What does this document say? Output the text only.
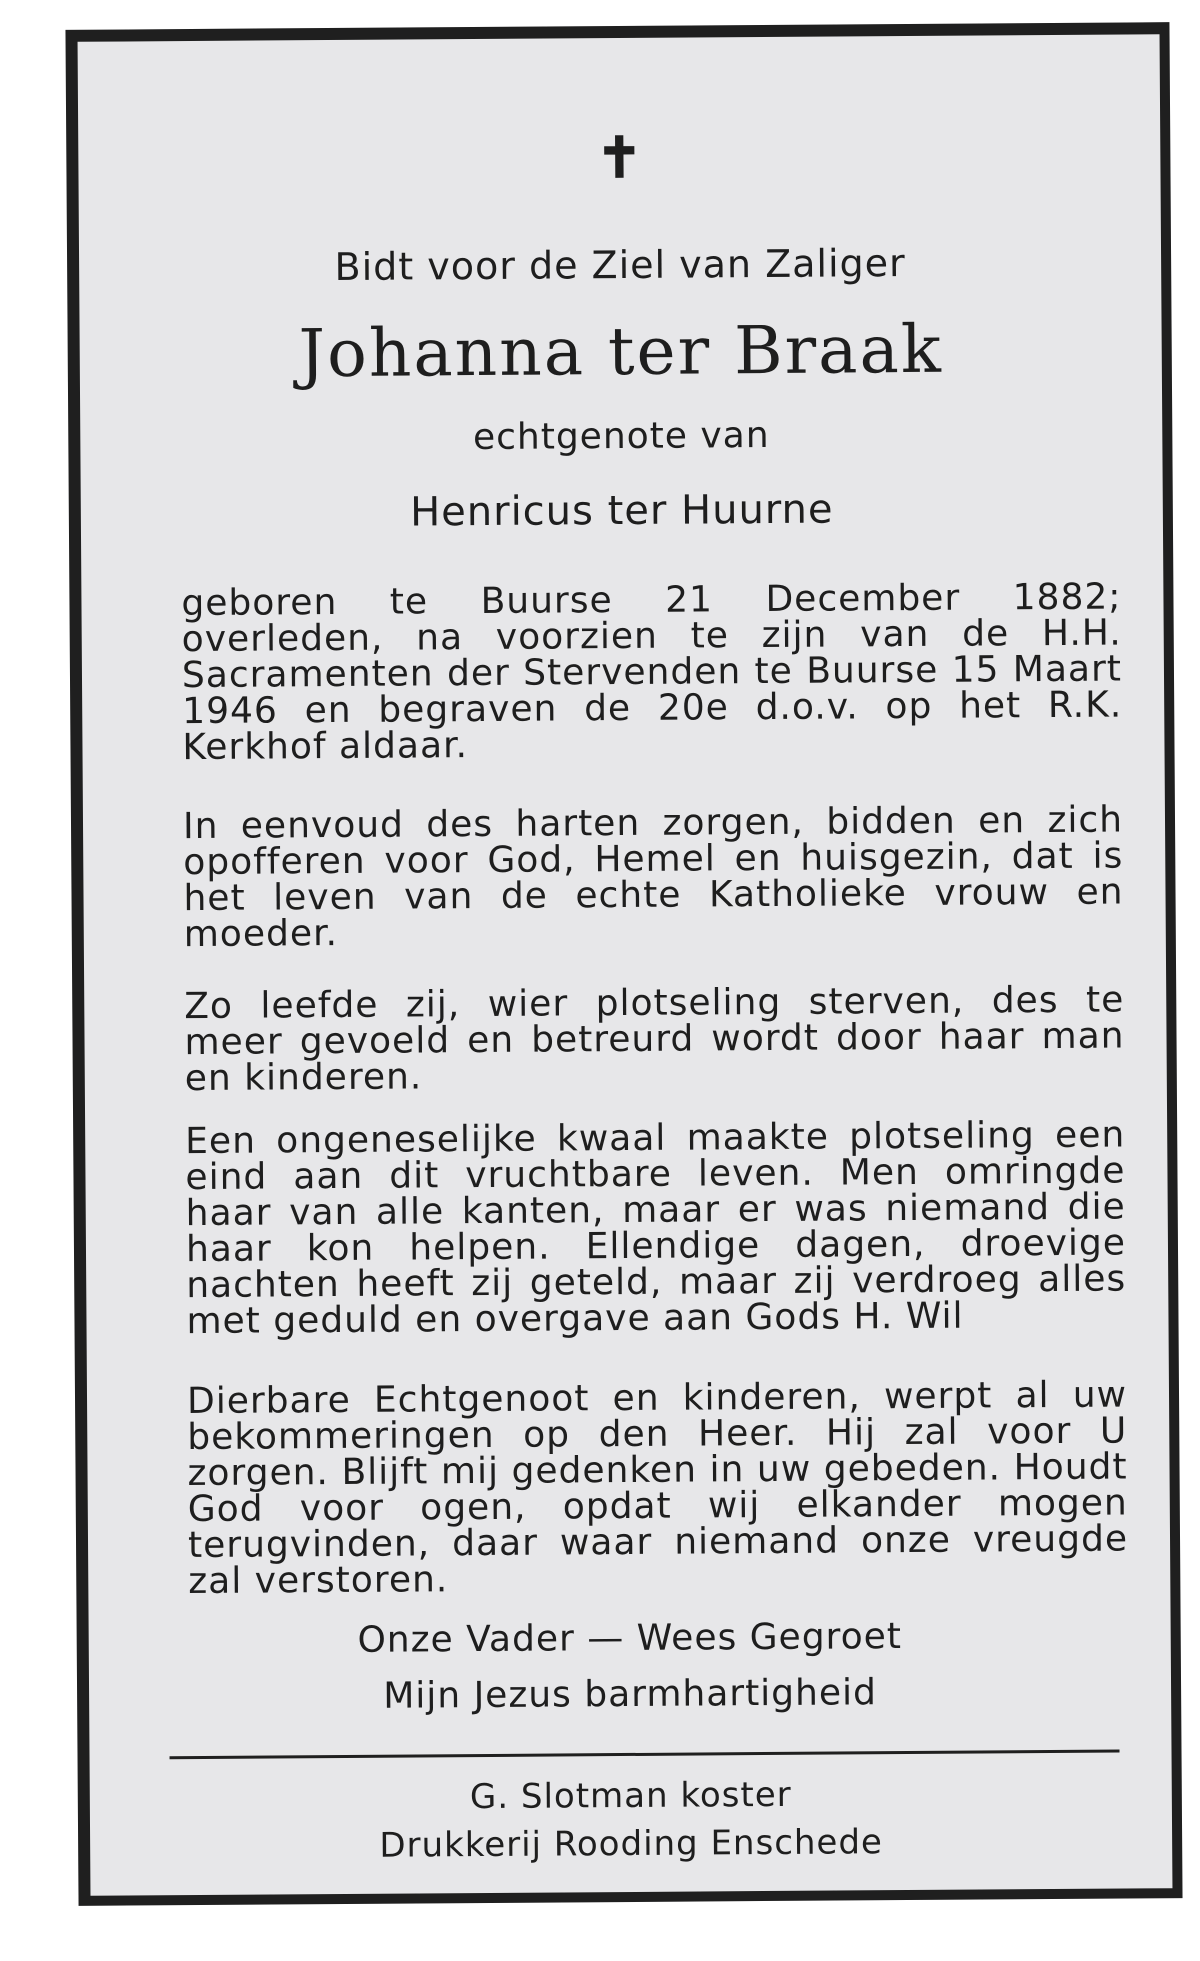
✝
Bidt voor de Ziel van Zaliger
Johanna ter Braak
echtgenote van
Henricus ter Huurne

geboren te Buurse 21 December 1882; overleden, na voorzien te zijn van de H.H. Sacramenten der Stervenden te Buurse 15 Maart 1946 en begraven de 20e d.o.v. op het R.K. Kerkhof aldaar.

In eenvoud des harten zorgen, bidden en zich opofferen voor God, Hemel en huisgezin, dat is het leven van de echte Katholieke vrouw en moeder.

Zo leefde zij, wier plotseling sterven, des te meer gevoeld en betreurd wordt door haar man en kinderen.

Een ongeneselijke kwaal maakte plotseling een eind aan dit vruchtbare leven. Men omringde haar van alle kanten, maar er was niemand die haar kon helpen. Ellendige dagen, droevige nachten heeft zij geteld, maar zij verdroeg alles met geduld en overgave aan Gods H. Wil

Dierbare Echtgenoot en kinderen, werpt al uw bekommeringen op den Heer. Hij zal voor U zorgen. Blijft mij gedenken in uw gebeden. Houdt God voor ogen, opdat wij elkander mogen terugvinden, daar waar niemand onze vreugde zal verstoren.

Onze Vader — Wees Gegroet
Mijn Jezus barmhartigheid
G. Slotman koster
Drukkerij Rooding Enschede
